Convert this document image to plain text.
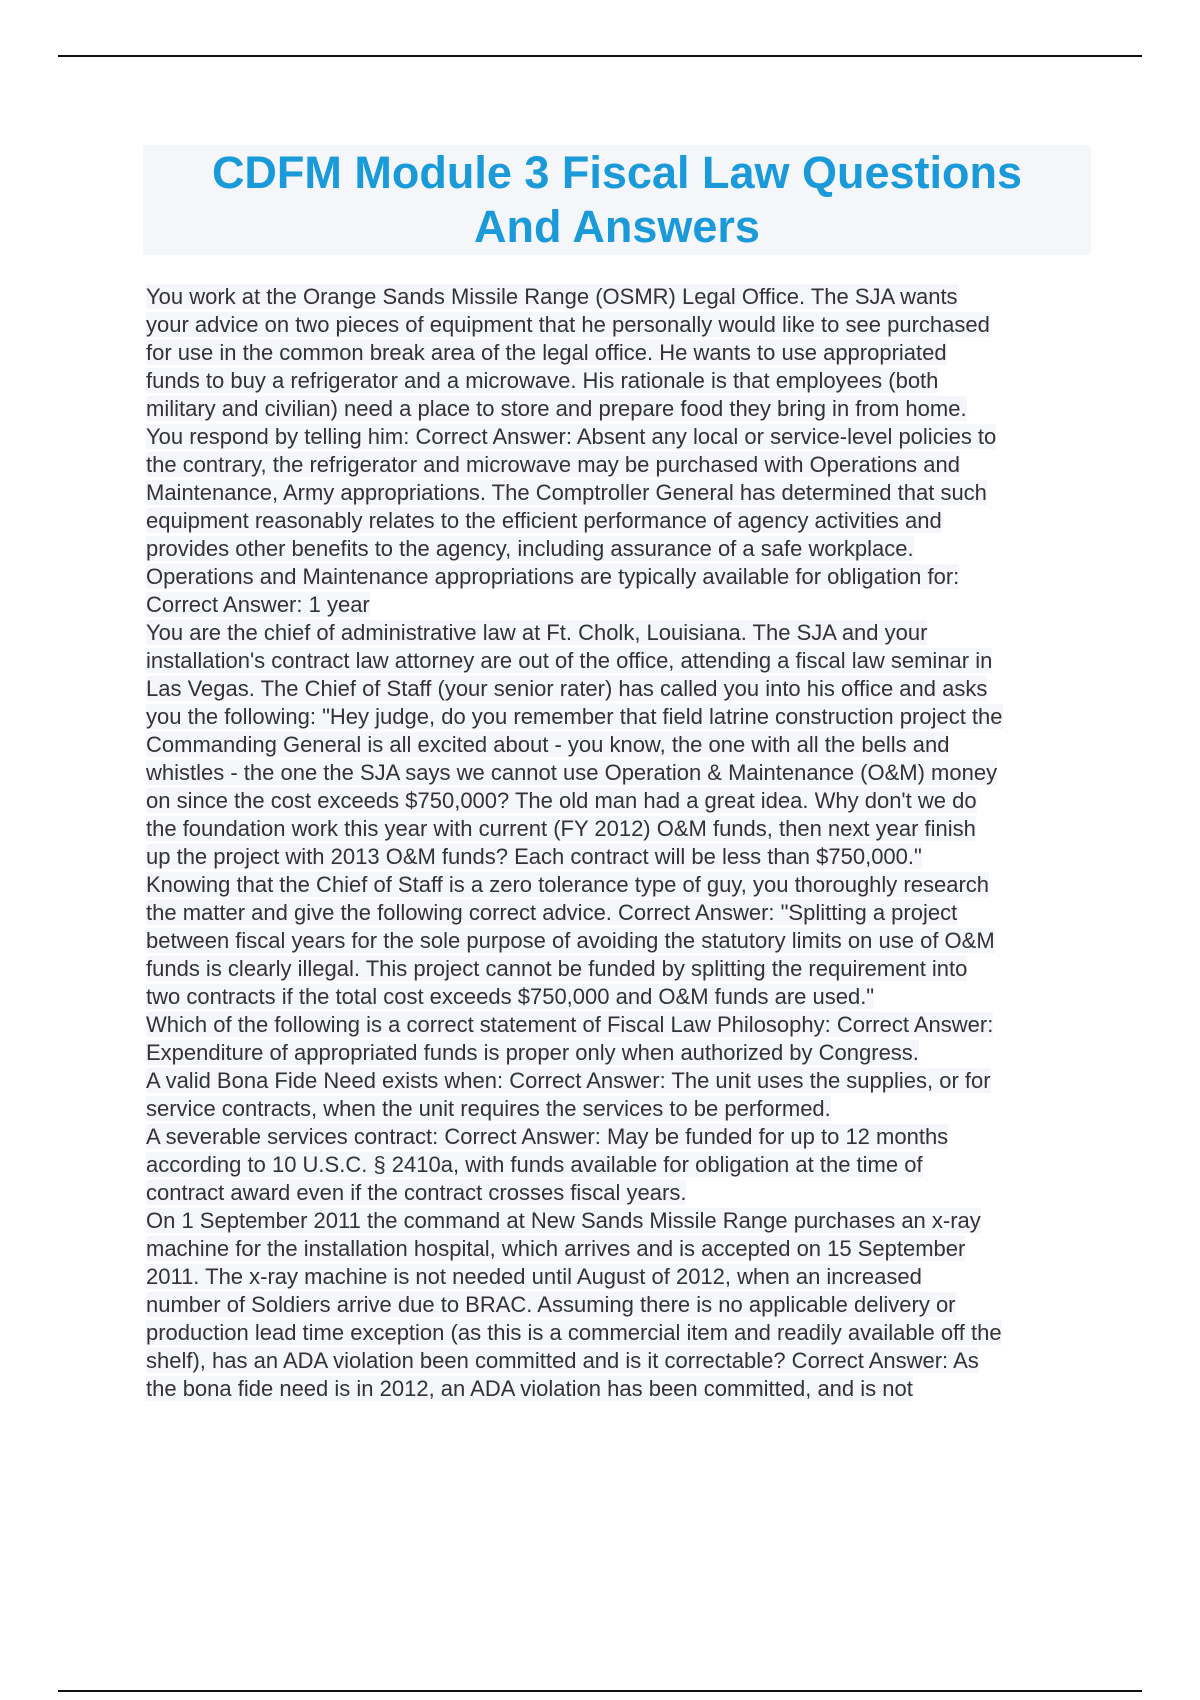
CDFM Module 3 Fiscal Law Questions
And Answers
You work at the Orange Sands Missile Range (OSMR) Legal Office. The SJA wants
your advice on two pieces of equipment that he personally would like to see purchased
for use in the common break area of the legal office. He wants to use appropriated
funds to buy a refrigerator and a microwave. His rationale is that employees (both
military and civilian) need a place to store and prepare food they bring in from home.
You respond by telling him: Correct Answer: Absent any local or service-level policies to
the contrary, the refrigerator and microwave may be purchased with Operations and
Maintenance, Army appropriations. The Comptroller General has determined that such
equipment reasonably relates to the efficient performance of agency activities and
provides other benefits to the agency, including assurance of a safe workplace.
Operations and Maintenance appropriations are typically available for obligation for:
Correct Answer: 1 year
You are the chief of administrative law at Ft. Cholk, Louisiana. The SJA and your
installation's contract law attorney are out of the office, attending a fiscal law seminar in
Las Vegas. The Chief of Staff (your senior rater) has called you into his office and asks
you the following: "Hey judge, do you remember that field latrine construction project the
Commanding General is all excited about - you know, the one with all the bells and
whistles - the one the SJA says we cannot use Operation & Maintenance (O&M) money
on since the cost exceeds $750,000? The old man had a great idea. Why don't we do
the foundation work this year with current (FY 2012) O&M funds, then next year finish
up the project with 2013 O&M funds? Each contract will be less than $750,000."
Knowing that the Chief of Staff is a zero tolerance type of guy, you thoroughly research
the matter and give the following correct advice. Correct Answer: "Splitting a project
between fiscal years for the sole purpose of avoiding the statutory limits on use of O&M
funds is clearly illegal. This project cannot be funded by splitting the requirement into
two contracts if the total cost exceeds $750,000 and O&M funds are used."
Which of the following is a correct statement of Fiscal Law Philosophy: Correct Answer:
Expenditure of appropriated funds is proper only when authorized by Congress.
A valid Bona Fide Need exists when: Correct Answer: The unit uses the supplies, or for
service contracts, when the unit requires the services to be performed.
A severable services contract: Correct Answer: May be funded for up to 12 months
according to 10 U.S.C. § 2410a, with funds available for obligation at the time of
contract award even if the contract crosses fiscal years.
On 1 September 2011 the command at New Sands Missile Range purchases an x-ray
machine for the installation hospital, which arrives and is accepted on 15 September
2011. The x-ray machine is not needed until August of 2012, when an increased
number of Soldiers arrive due to BRAC. Assuming there is no applicable delivery or
production lead time exception (as this is a commercial item and readily available off the
shelf), has an ADA violation been committed and is it correctable? Correct Answer: As
the bona fide need is in 2012, an ADA violation has been committed, and is not
